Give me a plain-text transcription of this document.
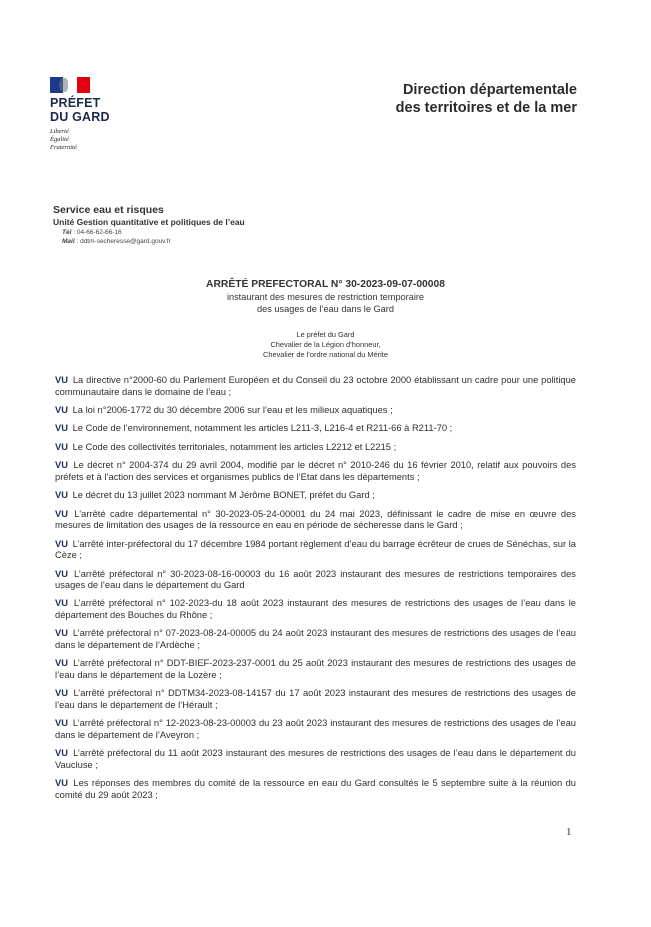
PRÉFET
DU GARD
Liberté
Égalité
Fraternité
Direction départementale
des territoires et de la mer
Service eau et risques
Unité Gestion quantitative et politiques de l’eau
Tél : 04-66-62-66-16
Mail : ddtm-secheresse@gard.gouv.fr
ARRÊTÉ PREFECTORAL N° 30-2023-09-07-00008
instaurant des mesures de restriction temporaire
des usages de l’eau dans le Gard
Le préfet du Gard
Chevalier de la Légion d’honneur,
Chevalier de l’ordre national du Mérite
VU La directive n°2000-60 du Parlement Européen et du Conseil du 23 octobre 2000 établissant un cadre pour une politique communautaire dans le domaine de l’eau ;
VU La loi n°2006-1772 du 30 décembre 2006 sur l’eau et les milieux aquatiques ;
VU Le Code de l’environnement, notamment les articles L211-3, L216-4 et R211-66 à R211-70 ;
VU Le Code des collectivités territoriales, notamment les articles L2212 et L2215 ;
VU Le décret n° 2004-374 du 29 avril 2004, modifié par le décret n° 2010-246 du 16 février 2010, relatif aux pouvoirs des préfets et à l’action des services et organismes publics de l’Etat dans les départements ;
VU Le décret du 13 juillet 2023 nommant M Jérôme BONET, préfet du Gard ;
VU L’arrêté cadre départemental n° 30-2023-05-24-00001 du 24 mai 2023, définissant le cadre de mise en œuvre des mesures de limitation des usages de la ressource en eau en période de sécheresse dans le Gard ;
VU L’arrêté inter-préfectoral du 17 décembre 1984 portant règlement d’eau du barrage écrêteur de crues de Sénéchas, sur la Cèze ;
VU L’arrêté préfectoral n° 30-2023-08-16-00003 du 16 août 2023 instaurant des mesures de restrictions temporaires des usages de l’eau dans le département du Gard
VU L’arrêté préfectoral n° 102-2023-du 18 août 2023 instaurant des mesures de restrictions des usages de l’eau dans le département des Bouches du Rhône ;
VU L’arrêté préfectoral n° 07-2023-08-24-00005 du 24 août 2023 instaurant des mesures de restrictions des usages de l’eau dans le département de l’Ardèche ;
VU L’arrêté préfectoral n° DDT-BIEF-2023-237-0001 du 25 août 2023 instaurant des mesures de restrictions des usages de l’eau dans le département de la Lozère ;
VU L’arrêté préfectoral n° DDTM34-2023-08-14157 du 17 août 2023 instaurant des mesures de restrictions des usages de l’eau dans le département de l’Hérault ;
VU L’arrêté préfectoral n° 12-2023-08-23-00003 du 23 août 2023 instaurant des mesures de restrictions des usages de l’eau dans le département de l’Aveyron ;
VU L’arrêté préfectoral du 11 août 2023 instaurant des mesures de restrictions des usages de l’eau dans le département du Vaucluse ;
VU Les réponses des membres du comité de la ressource en eau du Gard consultés le 5 septembre suite à la réunion du comité du 29 août 2023 ;
1
